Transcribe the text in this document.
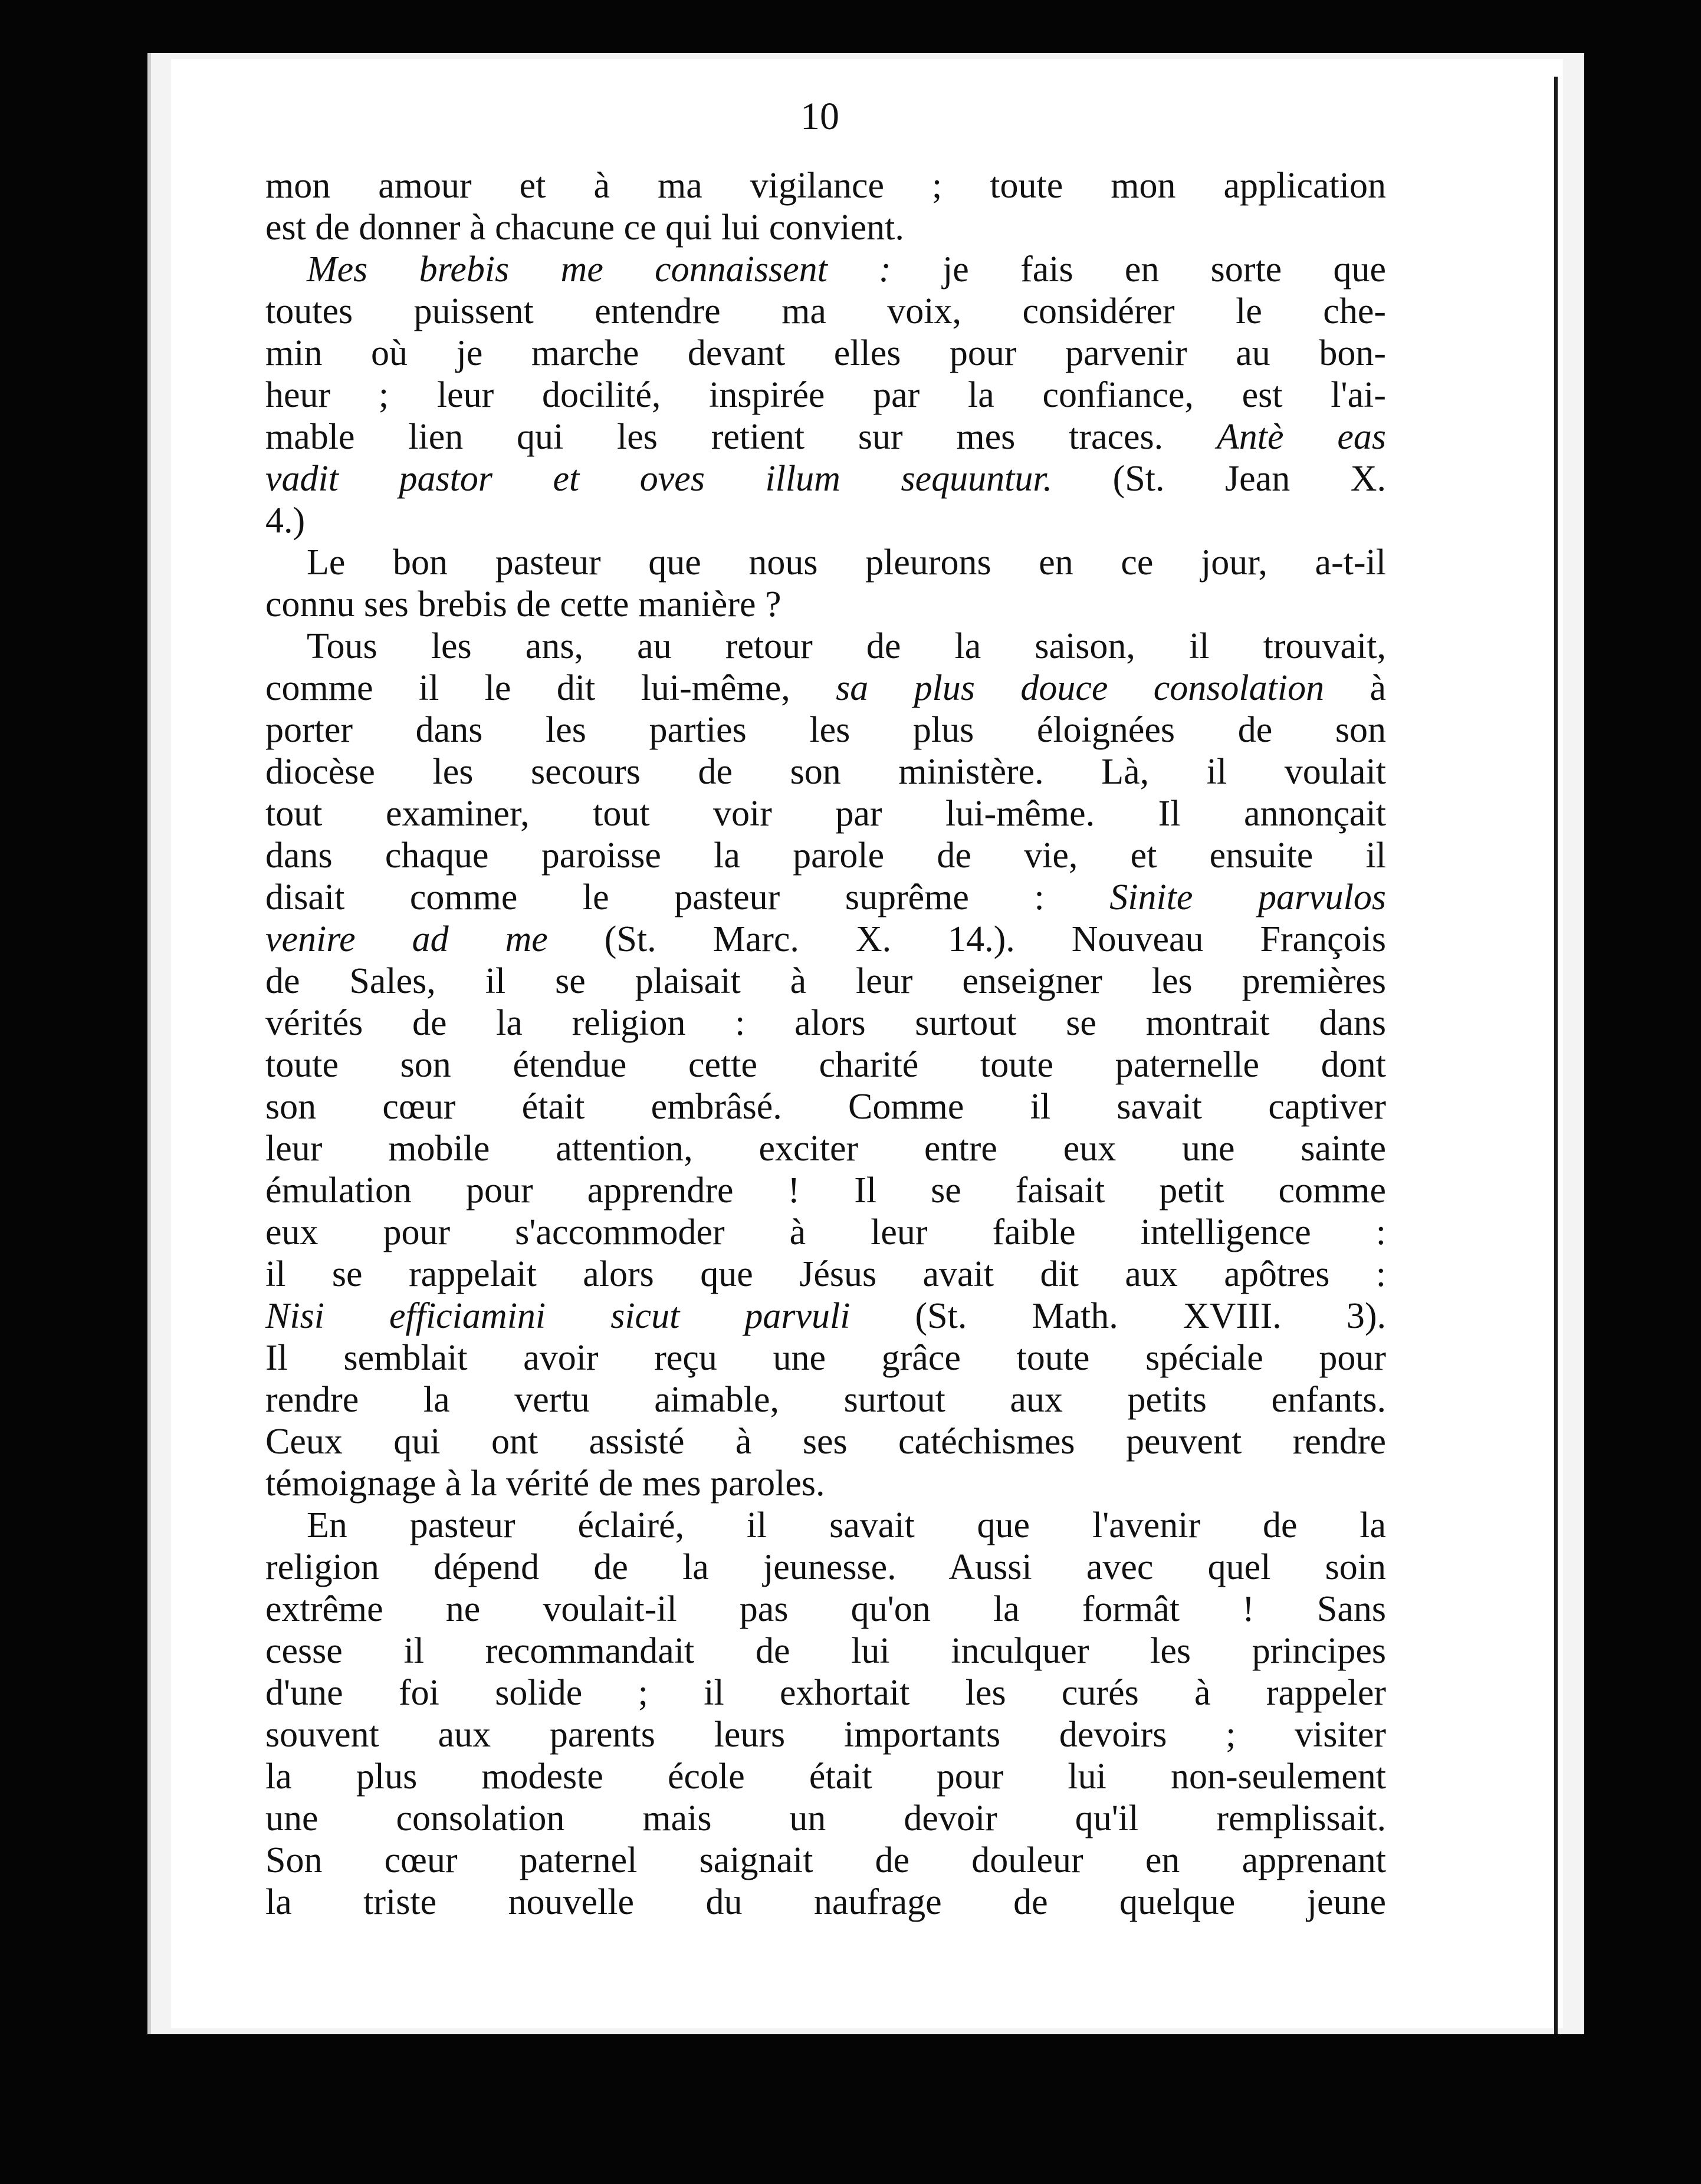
10
mon amour et à ma vigilance ; toute mon application
est de donner à chacune ce qui lui convient.
Mes brebis me connaissent : je fais en sorte que
toutes puissent entendre ma voix, considérer le che-
min où je marche devant elles pour parvenir au bon-
heur ; leur docilité, inspirée par la confiance, est l'ai-
mable lien qui les retient sur mes traces. Antè eas
vadit pastor et oves illum sequuntur. (St. Jean X.
4.)
Le bon pasteur que nous pleurons en ce jour, a-t-il
connu ses brebis de cette manière ?
Tous les ans, au retour de la saison, il trouvait,
comme il le dit lui-même, sa plus douce consolation à
porter dans les parties les plus éloignées de son
diocèse les secours de son ministère. Là, il voulait
tout examiner, tout voir par lui-même. Il annonçait
dans chaque paroisse la parole de vie, et ensuite il
disait comme le pasteur suprême : Sinite parvulos
venire ad me (St. Marc. X. 14.). Nouveau François
de Sales, il se plaisait à leur enseigner les premières
vérités de la religion : alors surtout se montrait dans
toute son étendue cette charité toute paternelle dont
son cœur était embrâsé. Comme il savait captiver
leur mobile attention, exciter entre eux une sainte
émulation pour apprendre ! Il se faisait petit comme
eux pour s'accommoder à leur faible intelligence :
il se rappelait alors que Jésus avait dit aux apôtres :
Nisi efficiamini sicut parvuli (St. Math. XVIII. 3).
Il semblait avoir reçu une grâce toute spéciale pour
rendre la vertu aimable, surtout aux petits enfants.
Ceux qui ont assisté à ses catéchismes peuvent rendre
témoignage à la vérité de mes paroles.
En pasteur éclairé, il savait que l'avenir de la
religion dépend de la jeunesse. Aussi avec quel soin
extrême ne voulait-il pas qu'on la formât ! Sans
cesse il recommandait de lui inculquer les principes
d'une foi solide ; il exhortait les curés à rappeler
souvent aux parents leurs importants devoirs ; visiter
la plus modeste école était pour lui non-seulement
une consolation mais un devoir qu'il remplissait.
Son cœur paternel saignait de douleur en apprenant
la triste nouvelle du naufrage de quelque jeune
